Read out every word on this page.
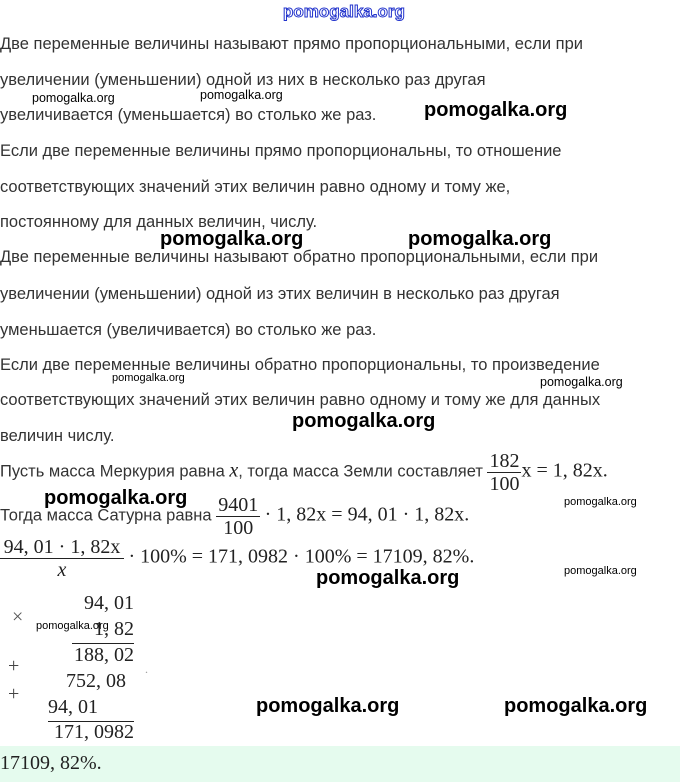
pomogalka.org
Две переменные величины называют прямо пропорциональными, если при
увеличении (уменьшении) одной из них в несколько раз другая
увеличивается (уменьшается) во столько же раз.
Если две переменные величины прямо пропорциональны, то отношение
соответствующих значений этих величин равно одному и тому же,
постоянному для данных величин, числу.
Две переменные величины называют обратно пропорциональными, если при
увеличении (уменьшении) одной из этих величин в несколько раз другая
уменьшается (увеличивается) во столько же раз.
Если две переменные величины обратно пропорциональны, то произведение
соответствующих значений этих величин равно одному и тому же для данных
величин числу.
Пусть масса Меркурия равна x, тогда масса Земли составляет $\frac{182}{100}$ x = 1, 82x.
Тогда масса Сатурна равна $\frac{9401}{100} \cdot 1$, 82x = 94, 01 · 1, 82x.
$\frac{94, 01 \cdot 1, 82x}{x} \cdot 100\% = 171$, 0982 · 100% = 17109, 82%.
×
94, 01
1, 82
188, 02
+
752, 08
.
+
94, 01
171, 0982
17109, 82%.
pomogalka.org	pomogalka.org
pomogalka.org
pomogalka.org	pomogalka.org
pomogalka.org	pomogalka.org
pomogalka.org
pomogalka.org	pomogalka.org
pomogalka.org
pomogalka.org
pomogalka.org
pomogalka.org	pomogalka.org
